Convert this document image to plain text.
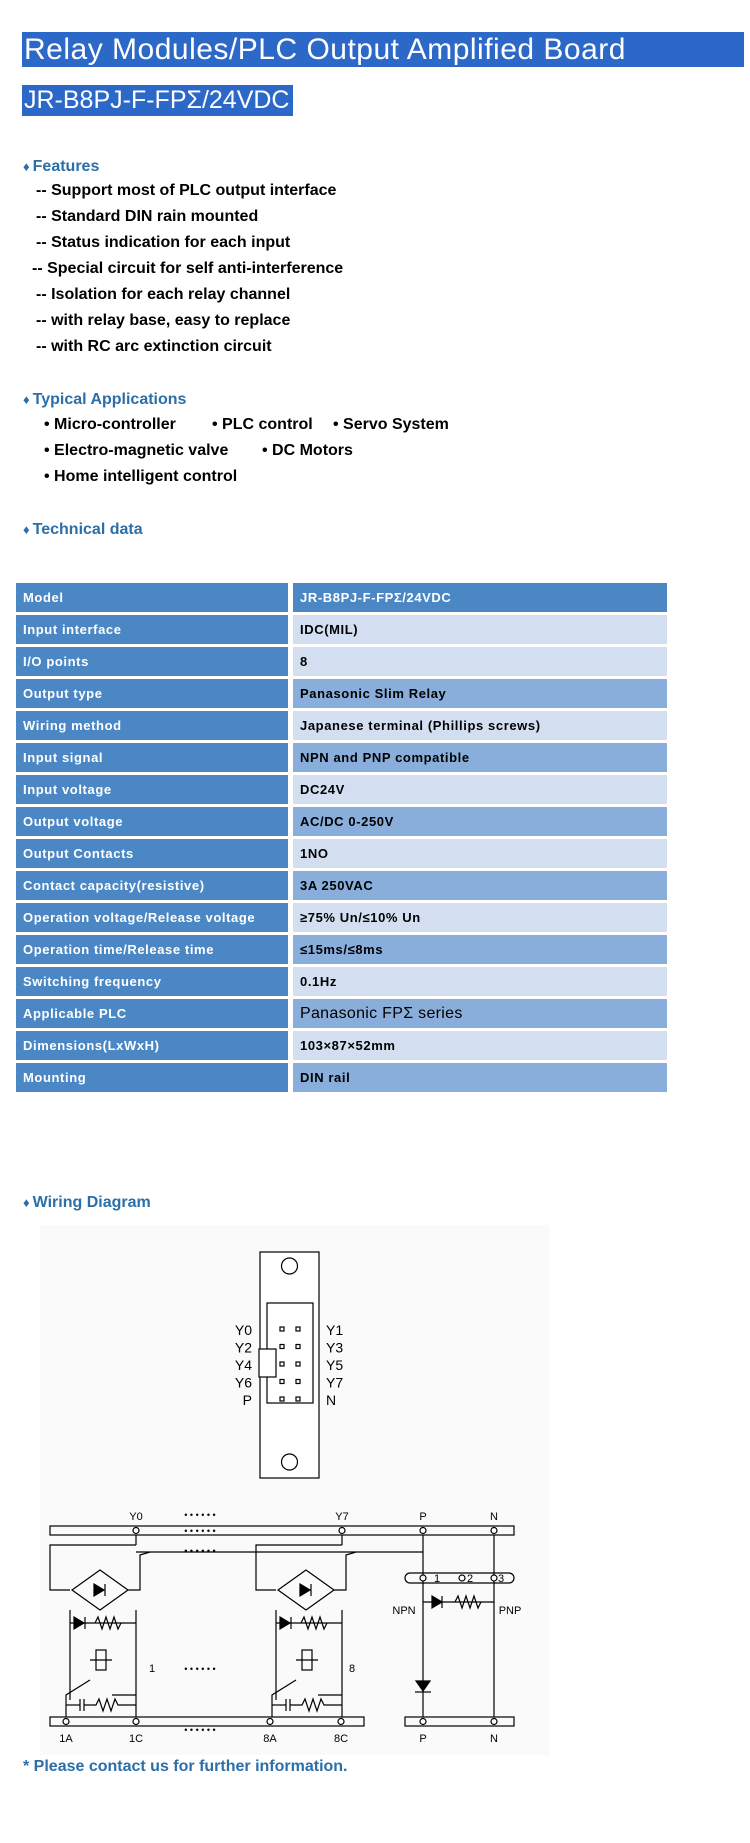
Relay Modules/PLC Output Amplified Board
JR-B8PJ-F-FPΣ/24VDC
♦ Features
-- Support most of PLC output interface
-- Standard DIN rain mounted
-- Status indication for each input
-- Special circuit for self anti-interference
-- Isolation for each relay channel
-- with relay base, easy to replace
-- with RC arc extinction circuit
♦ Typical Applications
• Micro-controller • PLC control • Servo System
• Electro-magnetic valve • DC Motors
• Home intelligent control
♦ Technical data
Model	JR-B8PJ-F-FPΣ/24VDC
Input interface	IDC(MIL)
I/O points	8
Output type	Panasonic Slim Relay
Wiring method	Japanese terminal (Phillips screws)
Input signal	NPN and PNP compatible
Input voltage	DC24V
Output voltage	AC/DC 0-250V
Output Contacts	1NO
Contact capacity(resistive)	3A 250VAC
Operation voltage/Release voltage	≥75% Un/≤10% Un
Operation time/Release time	≤15ms/≤8ms
Switching frequency	0.1Hz
Applicable PLC	Panasonic FPΣ series
Dimensions(LxWxH)	103×87×52mm
Mounting	DIN rail
♦ Wiring Diagram
Y0
Y2
Y4
Y6
P
Y1
Y3
Y5
Y7
N
Y0	Y7	P	N
1A	1C	8A	8C	P	N
• • • • • •
• • • • • •
• • • • • •
• • • • • •
• • • • • •
1	8
1 2 3
NPN	PNP
* Please contact us for further information.
